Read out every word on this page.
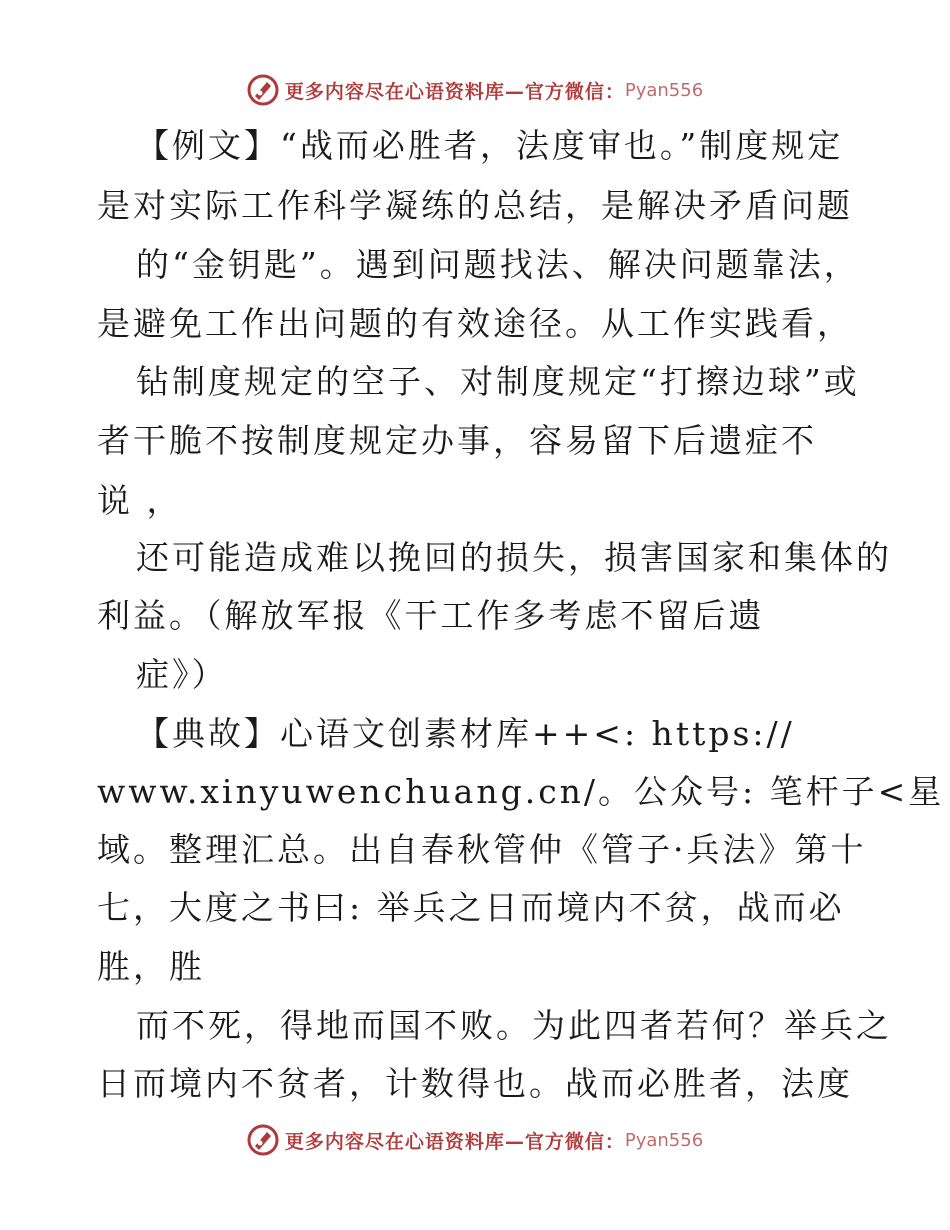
更多内容尽在心语资料库—官方微信： Pyan556
【例文】“战而必胜者，法度审也。”制度规定
是对实际工作科学凝练的总结，是解决矛盾问题
的“金钥匙”。遇到问题找法、解决问题靠法，
是避免工作出问题的有效途径。从工作实践看，
钻制度规定的空子、对制度规定“打擦边球”或
者干脆不按制度规定办事，容易留下后遗症不
说 ，
还可能造成难以挽回的损失，损害国家和集体的
利益。（解放军报《干工作多考虑不留后遗
症》）
【典故】心语文创素材库++<: https://
www.xinyuwenchuang.cn/。公众号: 笔杆子<星
域。整理汇总。出自春秋管仲《管子·兵法》第十
七，大度之书曰: 举兵之日而境内不贫，战而必
胜，胜
而不死，得地而国不败。为此四者若何？举兵之
日而境内不贫者，计数得也。战而必胜者，法度
更多内容尽在心语资料库—官方微信： Pyan556
